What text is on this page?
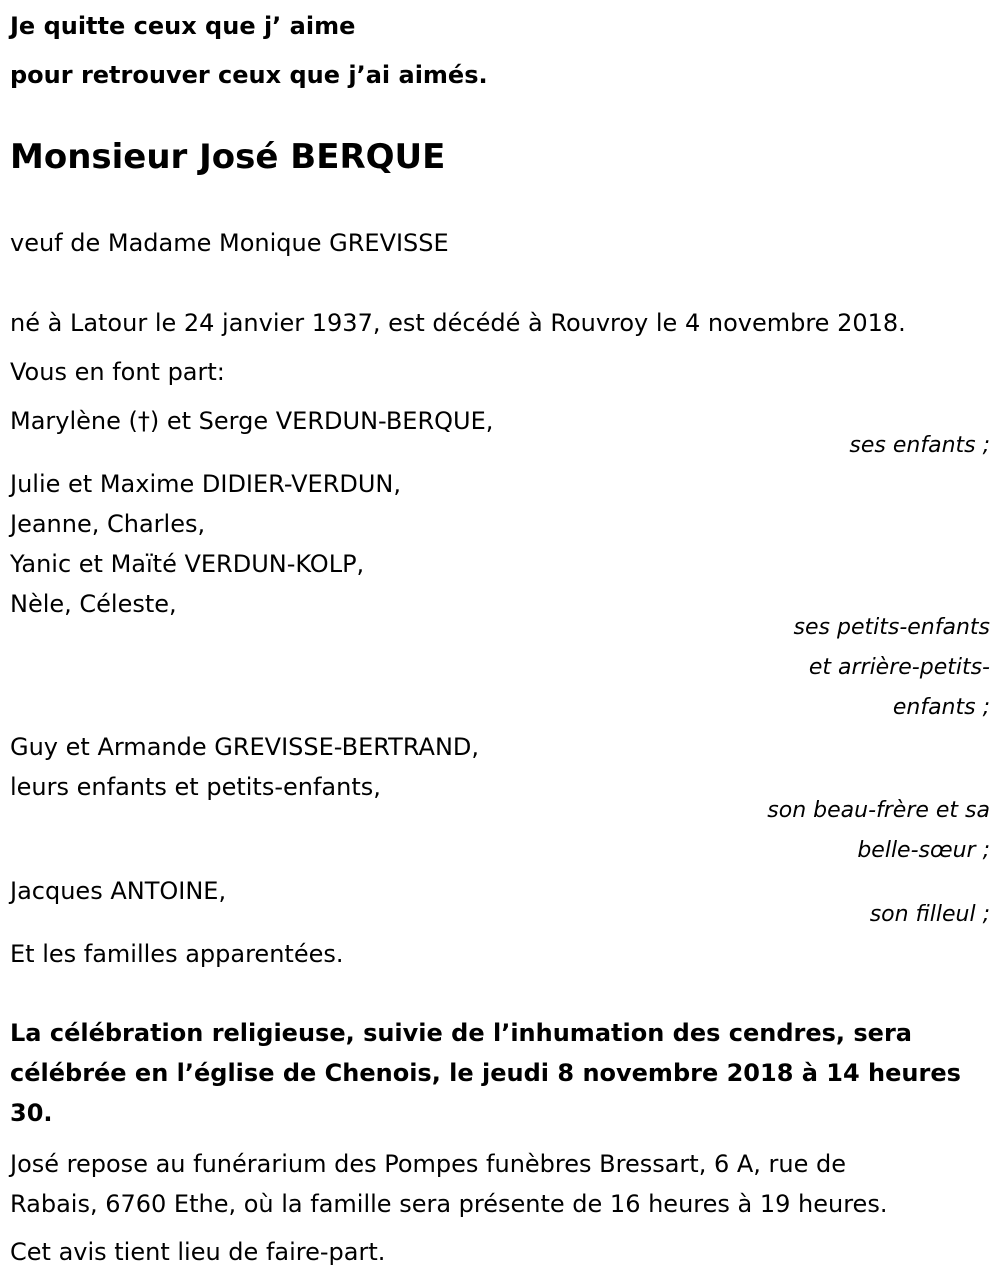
Je quitte ceux que j’ aime
pour retrouver ceux que j’ai aimés.
Monsieur José BERQUE
veuf de Madame Monique GREVISSE
né à Latour le 24 janvier 1937, est décédé à Rouvroy le 4 novembre 2018.
Vous en font part:
Marylène (†) et Serge VERDUN-BERQUE,
ses enfants ;
Julie et Maxime DIDIER-VERDUN,
Jeanne, Charles,
Yanic et Maïté VERDUN-KOLP,
Nèle, Céleste,
ses petits-enfants
et arrière-petits-
enfants ;
Guy et Armande GREVISSE-BERTRAND,
leurs enfants et petits-enfants,
son beau-frère et sa
belle-sœur ;
Jacques ANTOINE,
son filleul ;
Et les familles apparentées.
La célébration religieuse, suivie de l’inhumation des cendres, sera
célébrée en l’église de Chenois, le jeudi 8 novembre 2018 à 14 heures
30.
José repose au funérarium des Pompes funèbres Bressart, 6 A, rue de
Rabais, 6760 Ethe, où la famille sera présente de 16 heures à 19 heures.
Cet avis tient lieu de faire-part.
